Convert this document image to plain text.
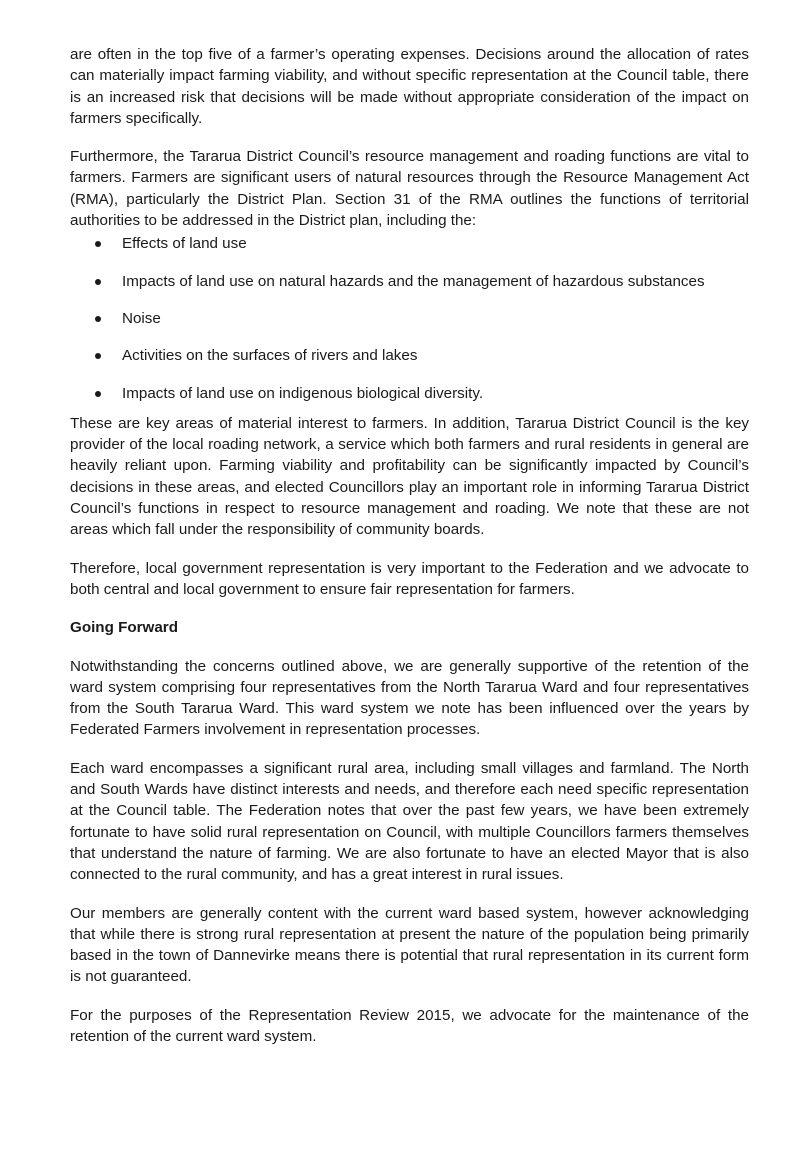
are often in the top five of a farmer’s operating expenses. Decisions around the allocation of rates can materially impact farming viability, and without specific representation at the Council table, there is an increased risk that decisions will be made without appropriate consideration of the impact on farmers specifically.

Furthermore, the Tararua District Council’s resource management and roading functions are vital to farmers. Farmers are significant users of natural resources through the Resource Management Act (RMA), particularly the District Plan. Section 31 of the RMA outlines the functions of territorial authorities to be addressed in the District plan, including the:

Effects of land use
Impacts of land use on natural hazards and the management of hazardous substances
Noise
Activities on the surfaces of rivers and lakes
Impacts of land use on indigenous biological diversity.

These are key areas of material interest to farmers. In addition, Tararua District Council is the key provider of the local roading network, a service which both farmers and rural residents in general are heavily reliant upon. Farming viability and profitability can be significantly impacted by Council’s decisions in these areas, and elected Councillors play an important role in informing Tararua District Council’s functions in respect to resource management and roading. We note that these are not areas which fall under the responsibility of community boards.

Therefore, local government representation is very important to the Federation and we advocate to both central and local government to ensure fair representation for farmers.

Going Forward

Notwithstanding the concerns outlined above, we are generally supportive of the retention of the ward system comprising four representatives from the North Tararua Ward and four representatives from the South Tararua Ward. This ward system we note has been influenced over the years by Federated Farmers involvement in representation processes.

Each ward encompasses a significant rural area, including small villages and farmland. The North and South Wards have distinct interests and needs, and therefore each need specific representation at the Council table. The Federation notes that over the past few years, we have been extremely fortunate to have solid rural representation on Council, with multiple Councillors farmers themselves that understand the nature of farming. We are also fortunate to have an elected Mayor that is also connected to the rural community, and has a great interest in rural issues.

Our members are generally content with the current ward based system, however acknowledging that while there is strong rural representation at present the nature of the population being primarily based in the town of Dannevirke means there is potential that rural representation in its current form is not guaranteed.

For the purposes of the Representation Review 2015, we advocate for the maintenance of the retention of the current ward system.
